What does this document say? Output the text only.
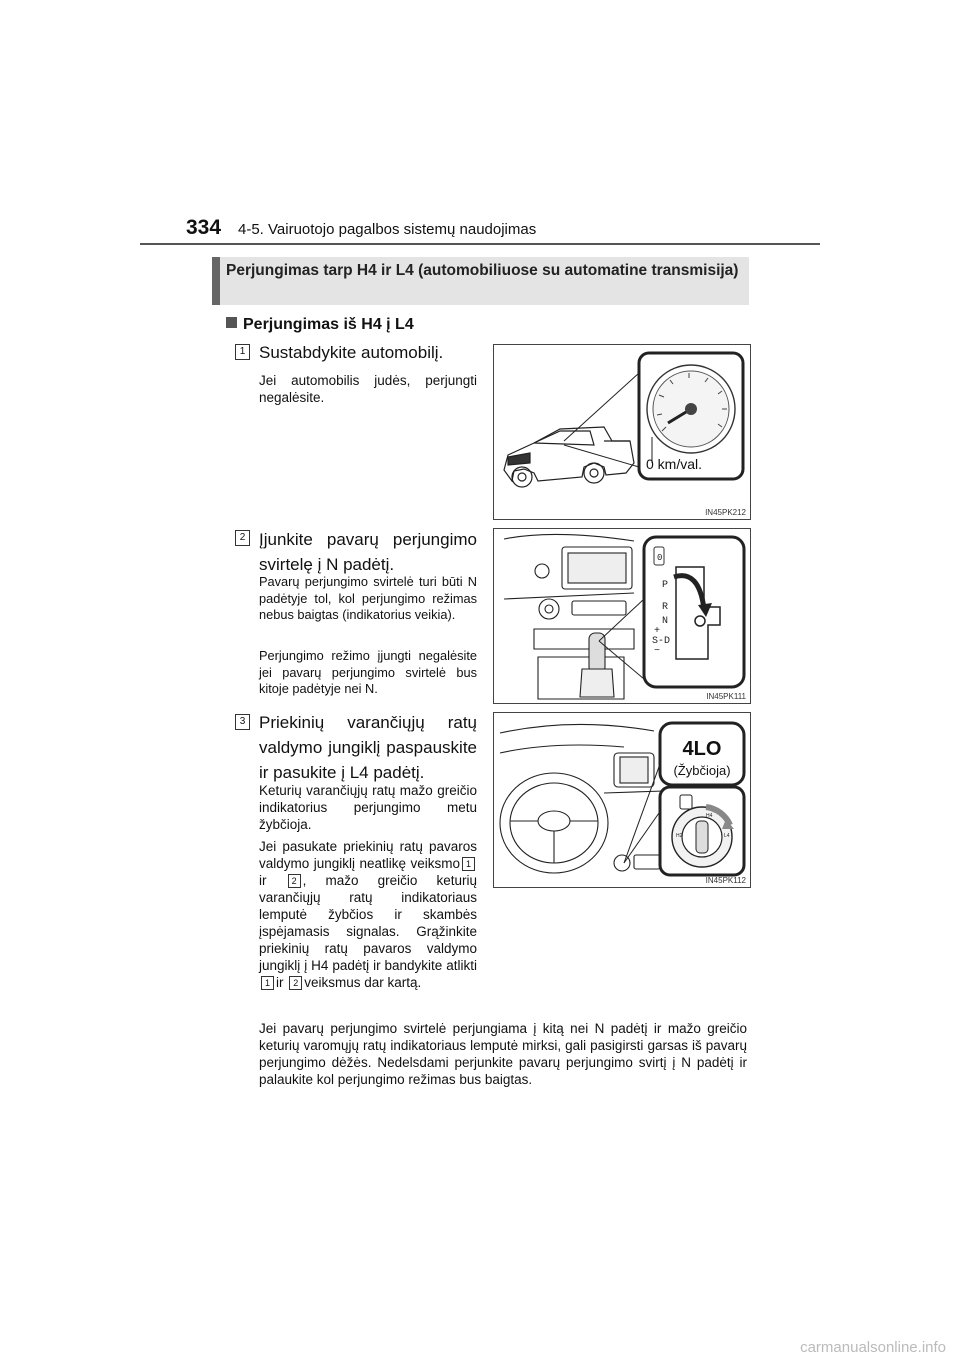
334 4-5. Vairuotojo pagalbos sistemų naudojimas
Perjungimas tarp H4 ir L4 (automobiliuose su automatine transmisija)
Perjungimas iš H4 į L4
1 Sustabdykite automobilį.
Jei automobilis judės, perjungti negalėsite.
0 km/val.
IN45PK212
2 Įjunkite pavarų perjungimo svirtelę į N padėtį.
Pavarų perjungimo svirtelė turi būti N padėtyje tol, kol perjungimo režimas nebus baigtas (indikatorius veikia).
Perjungimo režimo įjungti negalėsite jei pavarų perjungimo svirtelė bus kitoje padėtyje nei N.
0
P
R
N
+
S-D
−
IN45PK111
3 Priekinių varančiųjų ratų valdymo jungiklį paspauskite ir pasukite į L4 padėtį.
Keturių varančiųjų ratų mažo greičio indikatorius perjungimo metu žybčioja.
Jei pasukate priekinių ratų pavaros valdymo jungiklį neatlikę veiksmo 1ir	2 , mažo greičio keturių varančiųjų ratų indikatoriaus lemputė žybčios ir skambės įspėjamasis signalas. Grąžinkite priekinių ratų pavaros valdymo jungiklį į H4 padėtį ir bandykite atlikti1 ir 2 veiksmus dar kartą.
4LO
(Žybčioja)
H2
H4
L4
IN45PK112
Jei pavarų perjungimo svirtelė perjungiama į kitą nei N padėtį ir mažo greičio keturių varomųjų ratų indikatoriaus lemputė mirksi, gali pasigirsti garsas iš pavarų perjungimo dėžės. Nedelsdami perjunkite pavarų perjungimo svirtį į N padėtį ir palaukite kol perjungimo režimas bus baigtas.
carmanualsonline.info
